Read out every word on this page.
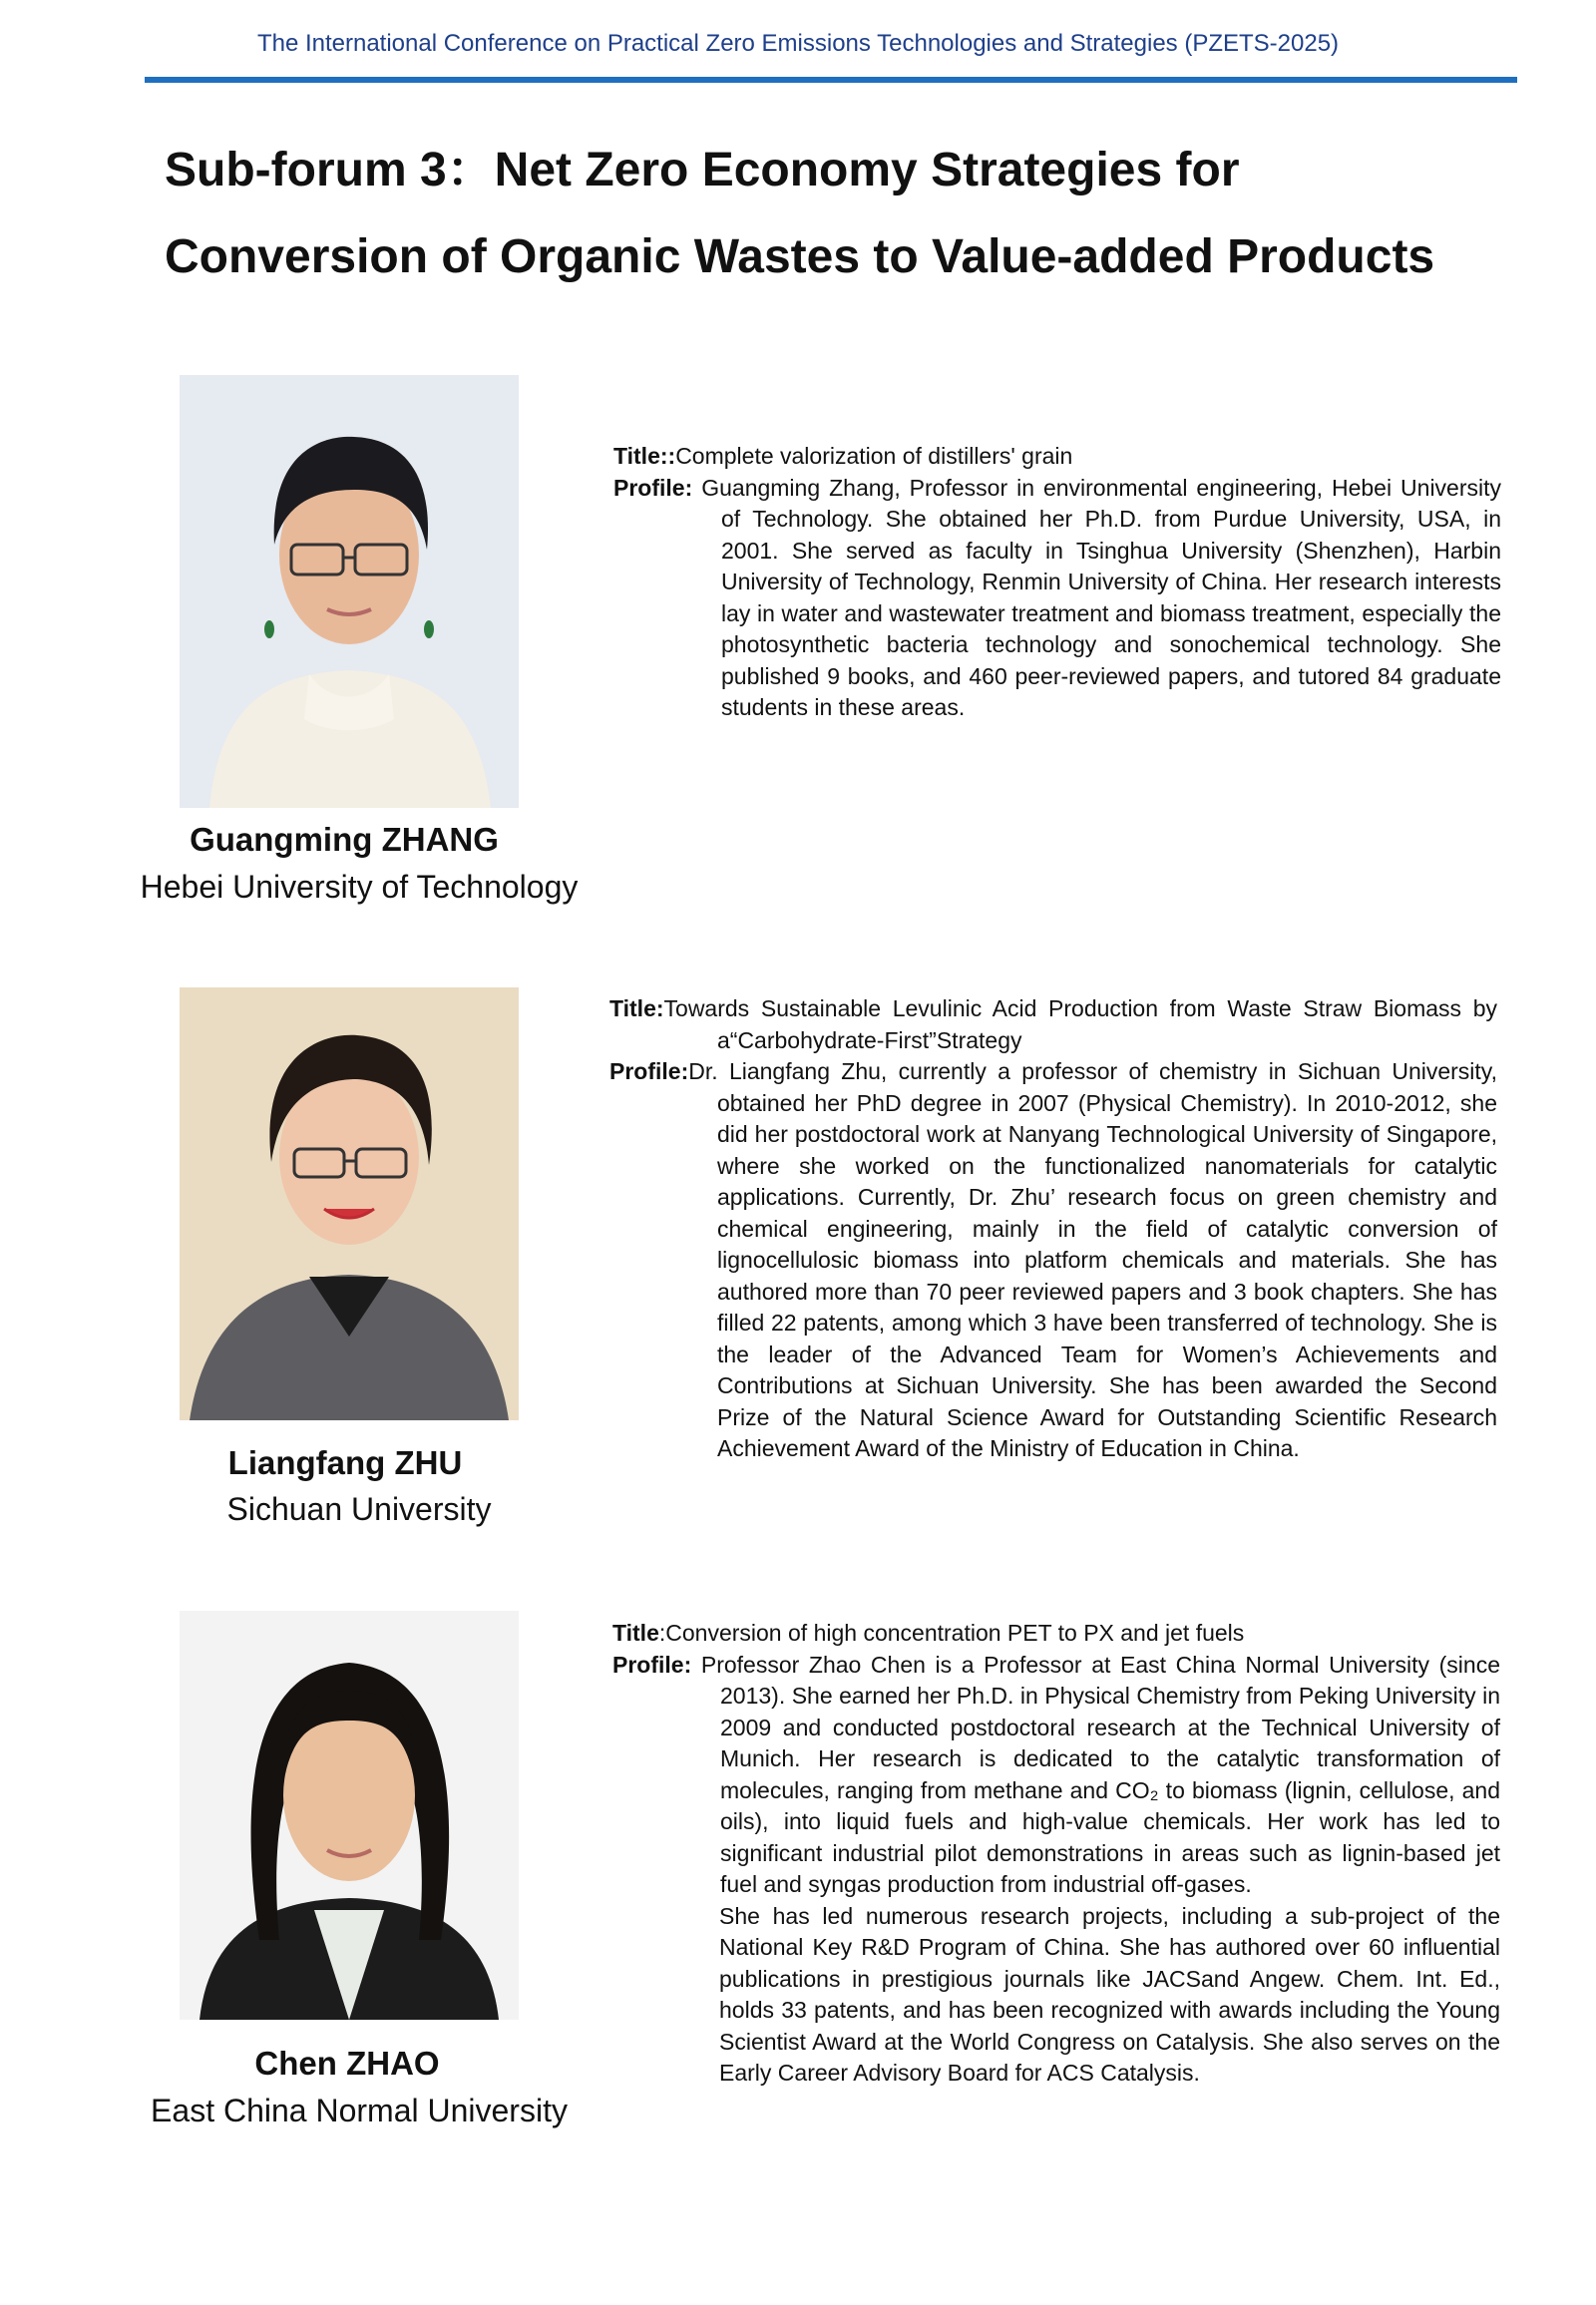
The International Conference on Practical Zero Emissions Technologies and Strategies (PZETS-2025)
Sub-forum 3：Net Zero Economy Strategies for
Conversion of Organic Wastes to Value-added Products
Guangming ZHANG
Hebei University of Technology
Title::Complete valorization of distillers' grain
Profile: Guangming Zhang, Professor in environmental engineering, Hebei University of Technology. She obtained her Ph.D. from Purdue University, USA, in 2001. She served as faculty in Tsinghua University (Shenzhen), Harbin University of Technology, Renmin University of China. Her research interests lay in water and wastewater treatment and biomass treatment, especially the photosynthetic bacteria technology and sonochemical technology. She published 9 books, and 460 peer-reviewed papers, and tutored 84 graduate students in these areas.
Liangfang ZHU
Sichuan University
Title:Towards Sustainable Levulinic Acid Production from Waste Straw Biomass by a“Carbohydrate-First”Strategy
Profile:Dr. Liangfang Zhu, currently a professor of chemistry in Sichuan University, obtained her PhD degree in 2007 (Physical Chemistry). In 2010-2012, she did her postdoctoral work at Nanyang Technological University of Singapore, where she worked on the functionalized nanomaterials for catalytic applications. Currently, Dr. Zhu’ research focus on green chemistry and chemical engineering, mainly in the field of catalytic conversion of lignocellulosic biomass into platform chemicals and materials. She has authored more than 70 peer reviewed papers and 3 book chapters. She has filled 22 patents, among which 3 have been transferred of technology. She is the leader of the Advanced Team for Women’s Achievements and Contributions at Sichuan University. She has been awarded the Second Prize of the Natural Science Award for Outstanding Scientific Research Achievement Award of the Ministry of Education in China.
Chen ZHAO
East China Normal University
Title:Conversion of high concentration PET to PX and jet fuels
Profile: Professor Zhao Chen is a Professor at East China Normal University (since 2013). She earned her Ph.D. in Physical Chemistry from Peking University in 2009 and conducted postdoctoral research at the Technical University of Munich. Her research is dedicated to the catalytic transformation of molecules, ranging from methane and CO₂ to biomass (lignin, cellulose, and oils), into liquid fuels and high-value chemicals. Her work has led to significant industrial pilot demonstrations in areas such as lignin-based jet fuel and syngas production from industrial off-gases.

She has led numerous research projects, including a sub-project of the National Key R&D Program of China. She has authored over 60 influential publications in prestigious journals like JACSand Angew. Chem. Int. Ed., holds 33 patents, and has been recognized with awards including the Young Scientist Award at the World Congress on Catalysis. She also serves on the Early Career Advisory Board for ACS Catalysis.
